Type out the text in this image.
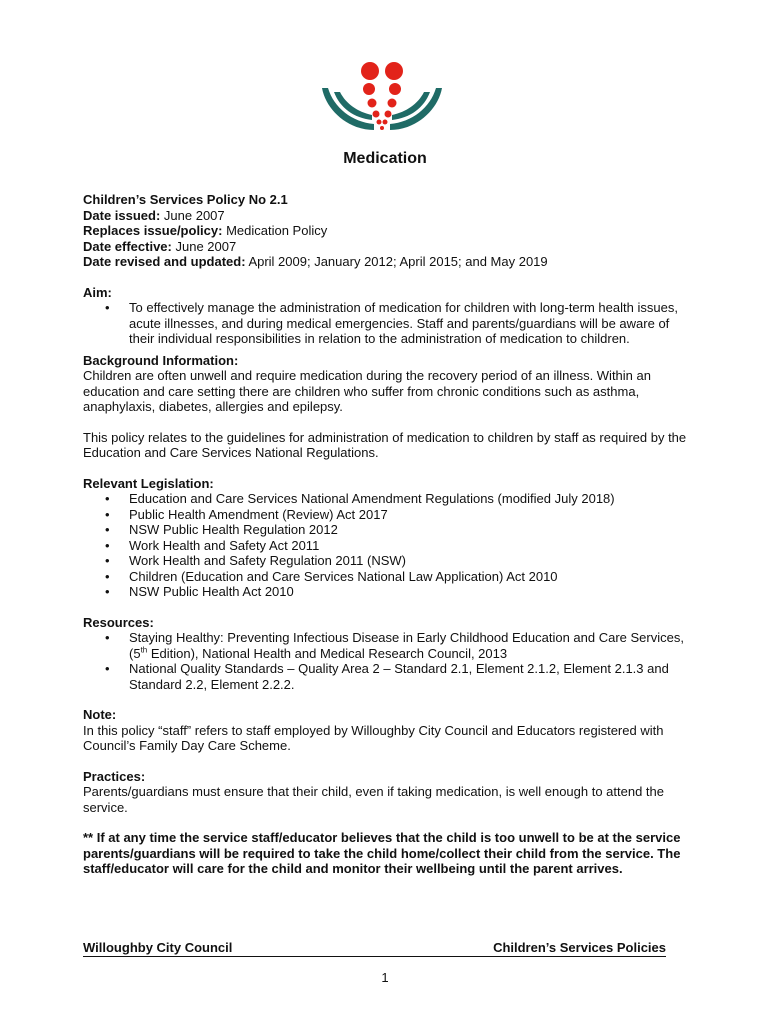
Medication

Children’s Services Policy No 2.1

Date issued: June 2007

Replaces issue/policy: Medication Policy

Date effective: June 2007

Date revised and updated: April 2009; January 2012; April 2015; and May 2019

Aim:

• To effectively manage the administration of medication for children with long-term health issues, acute illnesses, and during medical emergencies. Staff and parents/guardians will be aware of their individual responsibilities in relation to the administration of medication to children.

Background Information:

Children are often unwell and require medication during the recovery period of an illness. Within an education and care setting there are children who suffer from chronic conditions such as asthma, anaphylaxis, diabetes, allergies and epilepsy.

This policy relates to the guidelines for administration of medication to children by staff as required by the Education and Care Services National Regulations.

Relevant Legislation:

• Education and Care Services National Amendment Regulations (modified July 2018)
• Public Health Amendment (Review) Act 2017
• NSW Public Health Regulation 2012
• Work Health and Safety Act 2011
• Work Health and Safety Regulation 2011 (NSW)
• Children (Education and Care Services National Law Application) Act 2010
• NSW Public Health Act 2010

Resources:

• Staying Healthy: Preventing Infectious Disease in Early Childhood Education and Care Services, (5th Edition), National Health and Medical Research Council, 2013
• National Quality Standards – Quality Area 2 – Standard 2.1, Element 2.1.2, Element 2.1.3 and Standard 2.2, Element 2.2.2.

Note:

In this policy “staff” refers to staff employed by Willoughby City Council and Educators registered with Council’s Family Day Care Scheme.

Practices:

Parents/guardians must ensure that their child, even if taking medication, is well enough to attend the service.

** If at any time the service staff/educator believes that the child is too unwell to be at the service parents/guardians will be required to take the child home/collect their child from the service. The staff/educator will care for the child and monitor their wellbeing until the parent arrives.

Willoughby City Council	Children’s Services Policies
1
